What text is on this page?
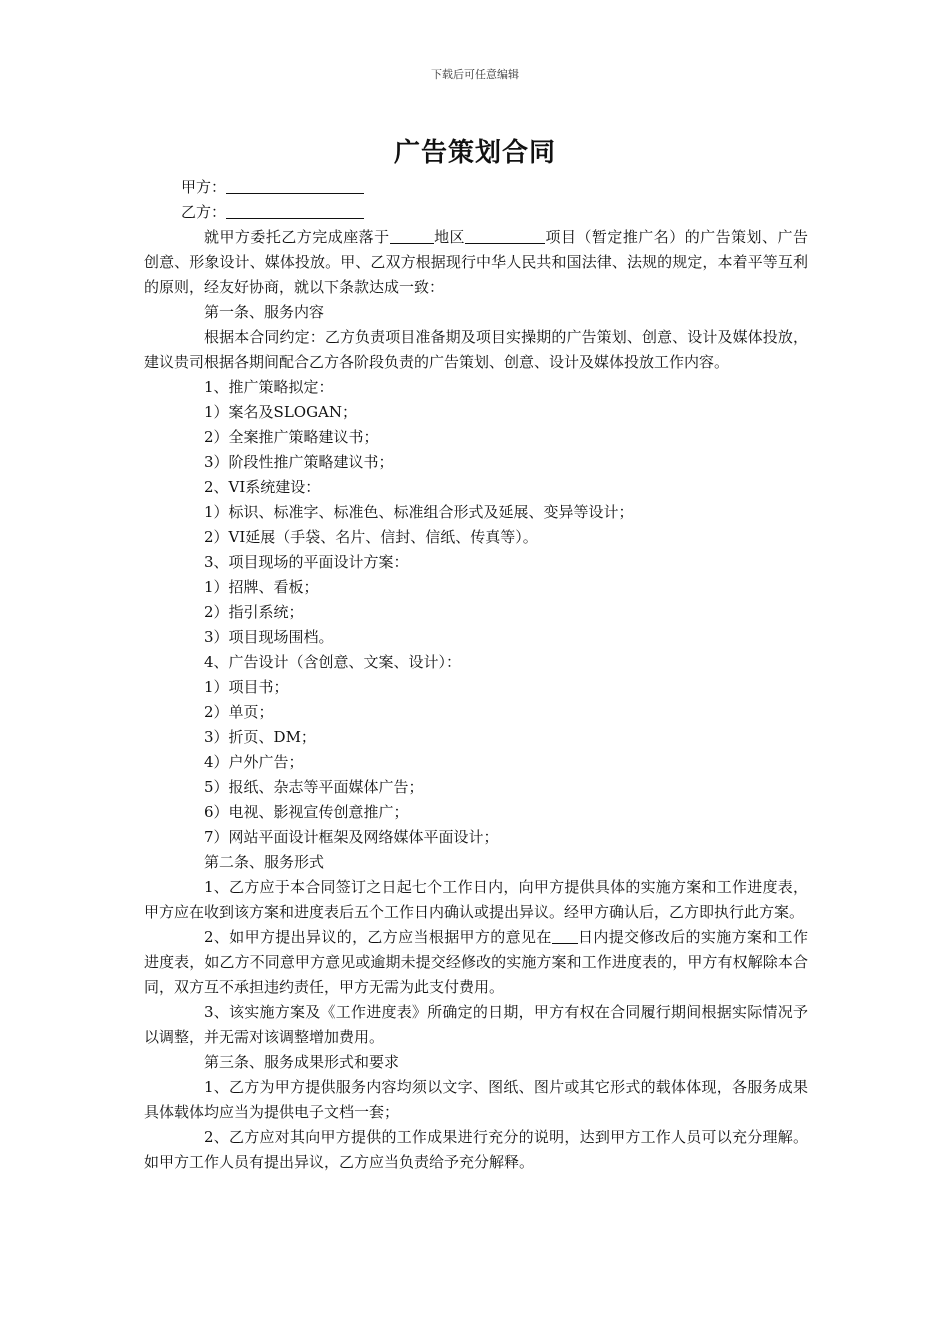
下载后可任意编辑
广告策划合同
甲方：
乙方：
就甲方委托乙方完成座落于	地区	项目（暂定推广名）的广告策划、广告创意、形象设计、媒体投放。甲、乙双方根据现行中华人民共和国法律、法规的规定，本着平等互利的原则，经友好协商，就以下条款达成一致：
第一条、服务内容
根据本合同约定：乙方负责项目准备期及项目实操期的广告策划、创意、设计及媒体投放，建议贵司根据各期间配合乙方各阶段负责的广告策划、创意、设计及媒体投放工作内容。
1、推广策略拟定：
1）案名及SLOGAN；
2）全案推广策略建议书；
3）阶段性推广策略建议书；
2、VI系统建设：
1）标识、标准字、标准色、标准组合形式及延展、变异等设计；
2）VI延展（手袋、名片、信封、信纸、传真等）。
3、项目现场的平面设计方案：
1）招牌、看板；
2）指引系统；
3）项目现场围档。
4、广告设计（含创意、文案、设计）：
1）项目书；
2）单页；
3）折页、DM；
4）户外广告；
5）报纸、杂志等平面媒体广告；
6）电视、影视宣传创意推广；
7）网站平面设计框架及网络媒体平面设计；
第二条、服务形式
1、乙方应于本合同签订之日起七个工作日内，向甲方提供具体的实施方案和工作进度表，甲方应在收到该方案和进度表后五个工作日内确认或提出异议。经甲方确认后，乙方即执行此方案。
2、如甲方提出异议的，乙方应当根据甲方的意见在 日内提交修改后的实施方案和工作进度表，如乙方不同意甲方意见或逾期未提交经修改的实施方案和工作进度表的，甲方有权解除本合同，双方互不承担违约责任，甲方无需为此支付费用。
3、该实施方案及《工作进度表》所确定的日期，甲方有权在合同履行期间根据实际情况予以调整，并无需对该调整增加费用。
第三条、服务成果形式和要求
1、乙方为甲方提供服务内容均须以文字、图纸、图片或其它形式的载体体现，各服务成果具体载体均应当为提供电子文档一套；
2、乙方应对其向甲方提供的工作成果进行充分的说明，达到甲方工作人员可以充分理解。如甲方工作人员有提出异议，乙方应当负责给予充分解释。
